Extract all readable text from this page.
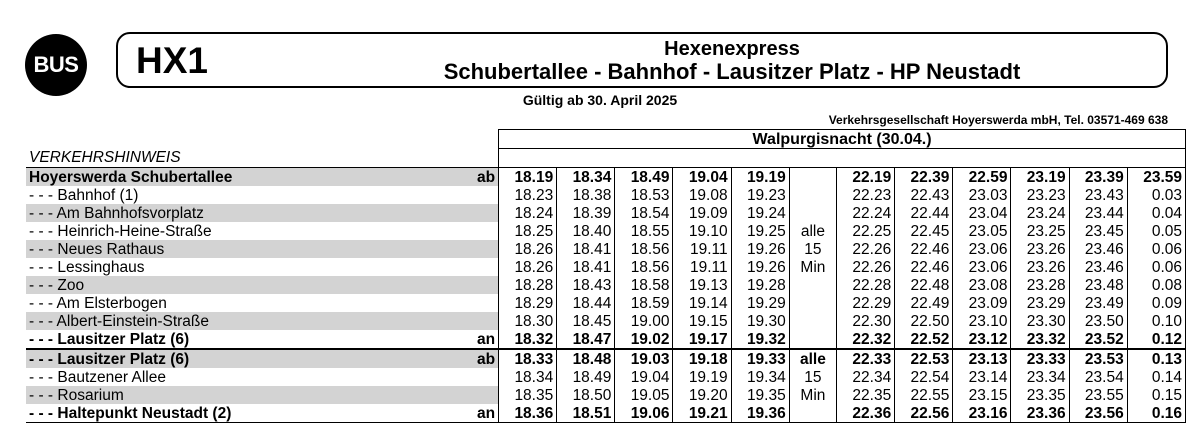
BUS HX1	Hexenexpress
Schubertallee - Bahnhof - Lausitzer Platz - HP Neustadt
Gültig ab 30. April 2025
Verkehrsgesellschaft Hoyerswerda mbH, Tel. 03571-469 638
		Walpurgisnacht (30.04.)											
VERKEHRSHINWEIS													
Hoyerswerda Schubertallee	ab	18.19	18.34	18.49	19.04	19.19		22.19	22.39	22.59	23.19	23.39	23.59
- - - Bahnhof (1)		18.23	18.38	18.53	19.08	19.23		22.23	22.43	23.03	23.23	23.43	0.03
- - - Am Bahnhofsvorplatz		18.24	18.39	18.54	19.09	19.24		22.24	22.44	23.04	23.24	23.44	0.04
- - - Heinrich-Heine-Straße		18.25	18.40	18.55	19.10	19.25	alle	22.25	22.45	23.05	23.25	23.45	0.05
- - - Neues Rathaus		18.26	18.41	18.56	19.11	19.26	15	22.26	22.46	23.06	23.26	23.46	0.06
- - - Lessinghaus		18.26	18.41	18.56	19.11	19.26	Min	22.26	22.46	23.06	23.26	23.46	0.06
- - - Zoo		18.28	18.43	18.58	19.13	19.28		22.28	22.48	23.08	23.28	23.48	0.08
- - - Am Elsterbogen		18.29	18.44	18.59	19.14	19.29		22.29	22.49	23.09	23.29	23.49	0.09
- - - Albert-Einstein-Straße		18.30	18.45	19.00	19.15	19.30		22.30	22.50	23.10	23.30	23.50	0.10
- - - Lausitzer Platz (6)	an	18.32	18.47	19.02	19.17	19.32		22.32	22.52	23.12	23.32	23.52	0.12
- - - Lausitzer Platz (6)	ab	18.33	18.48	19.03	19.18	19.33	alle	22.33	22.53	23.13	23.33	23.53	0.13
- - - Bautzener Allee		18.34	18.49	19.04	19.19	19.34	15	22.34	22.54	23.14	23.34	23.54	0.14
- - - Rosarium		18.35	18.50	19.05	19.20	19.35	Min	22.35	22.55	23.15	23.35	23.55	0.15
- - - Haltepunkt Neustadt (2)	an	18.36	18.51	19.06	19.21	19.36		22.36	22.56	23.16	23.36	23.56	0.16
